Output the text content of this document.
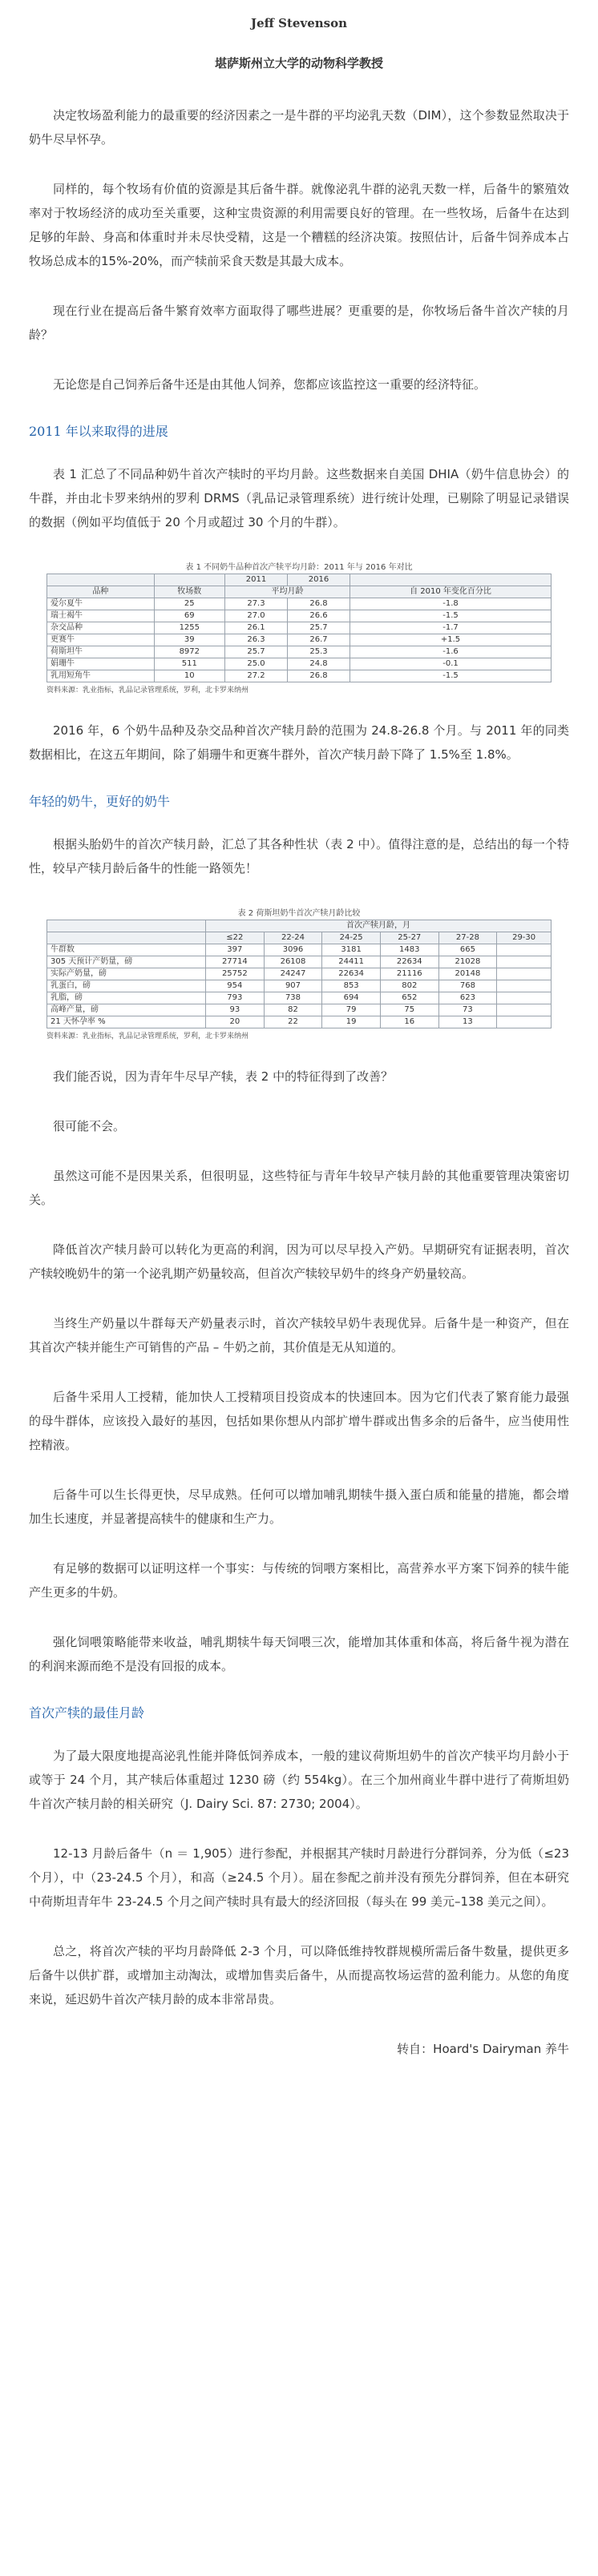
Jeff Stevenson
堪萨斯州立大学的动物科学教授

决定牧场盈利能力的最重要的经济因素之一是牛群的平均泌乳天数（DIM），这个参数显然取决于奶牛尽早怀孕。

同样的，每个牧场有价值的资源是其后备牛群。就像泌乳牛群的泌乳天数一样，后备牛的繁殖效率对于牧场经济的成功至关重要，这种宝贵资源的利用需要良好的管理。在一些牧场，后备牛在达到足够的年龄、身高和体重时并未尽快受精，这是一个糟糕的经济决策。按照估计，后备牛饲养成本占牧场总成本的15%-20%，而产犊前采食天数是其最大成本。

现在行业在提高后备牛繁育效率方面取得了哪些进展？更重要的是，你牧场后备牛首次产犊的月龄？

无论您是自己饲养后备牛还是由其他人饲养，您都应该监控这一重要的经济特征。

2011 年以来取得的进展

表 1 汇总了不同品种奶牛首次产犊时的平均月龄。这些数据来自美国 DHIA（奶牛信息协会）的牛群，并由北卡罗来纳州的罗利 DRMS（乳品记录管理系统）进行统计处理，已剔除了明显记录错误的数据（例如平均值低于 20 个月或超过 30 个月的牛群）。

表 1 不同奶牛品种首次产犊平均月龄：2011 年与 2016 年对比
		2011	2016	
品种	牧场数	平均月龄		自 2010 年变化百分比
爱尔夏牛	25	27.3	26.8	-1.8
瑞士褐牛	69	27.0	26.6	-1.5
杂交品种	1255	26.1	25.7	-1.7
更赛牛	39	26.3	26.7	+1.5
荷斯坦牛	8972	25.7	25.3	-1.6
娟珊牛	511	25.0	24.8	-0.1
乳用短角牛	10	27.2	26.8	-1.5
资料来源：乳业指标，乳品记录管理系统，罗利，北卡罗来纳州

2016 年，6 个奶牛品种及杂交品种首次产犊月龄的范围为 24.8-26.8 个月。与 2011 年的同类数据相比，在这五年期间，除了娟珊牛和更赛牛群外，首次产犊月龄下降了 1.5%至 1.8%。

年轻的奶牛，更好的奶牛

根据头胎奶牛的首次产犊月龄，汇总了其各种性状（表 2 中）。值得注意的是，总结出的每一个特性，较早产犊月龄后备牛的性能一路领先！

表 2 荷斯坦奶牛首次产犊月龄比较
	首次产犊月龄，月					
	≤22	22-24	24-25	25-27	27-28	29-30
牛群数	397	3096	3181	1483	665	
305 天预计产奶量，磅	27714	26108	24411	22634	21028	
实际产奶量，磅	25752	24247	22634	21116	20148	
乳蛋白，磅	954	907	853	802	768	
乳脂，磅	793	738	694	652	623	
高峰产量，磅	93	82	79	75	73	
21 天怀孕率 %	20	22	19	16	13	
资料来源：乳业指标，乳品记录管理系统，罗利，北卡罗来纳州

我们能否说，因为青年牛尽早产犊，表 2 中的特征得到了改善？

很可能不会。

虽然这可能不是因果关系，但很明显，这些特征与青年牛较早产犊月龄的其他重要管理决策密切关。

降低首次产犊月龄可以转化为更高的利润，因为可以尽早投入产奶。早期研究有证据表明，首次产犊较晚奶牛的第一个泌乳期产奶量较高，但首次产犊较早奶牛的终身产奶量较高。

当终生产奶量以牛群每天产奶量表示时，首次产犊较早奶牛表现优异。后备牛是一种资产，但在其首次产犊并能生产可销售的产品 – 牛奶之前，其价值是无从知道的。

后备牛采用人工授精，能加快人工授精项目投资成本的快速回本。因为它们代表了繁育能力最强的母牛群体，应该投入最好的基因，包括如果你想从内部扩增牛群或出售多余的后备牛，应当使用性控精液。

后备牛可以生长得更快，尽早成熟。任何可以增加哺乳期犊牛摄入蛋白质和能量的措施，都会增加生长速度，并显著提高犊牛的健康和生产力。

有足够的数据可以证明这样一个事实：与传统的饲喂方案相比，高营养水平方案下饲养的犊牛能产生更多的牛奶。

强化饲喂策略能带来收益，哺乳期犊牛每天饲喂三次，能增加其体重和体高，将后备牛视为潜在的利润来源而绝不是没有回报的成本。

首次产犊的最佳月龄

为了最大限度地提高泌乳性能并降低饲养成本，一般的建议荷斯坦奶牛的首次产犊平均月龄小于或等于 24 个月，其产犊后体重超过 1230 磅（约 554kg）。在三个加州商业牛群中进行了荷斯坦奶牛首次产犊月龄的相关研究（J. Dairy Sci. 87: 2730; 2004）。

12-13 月龄后备牛（n ＝ 1,905）进行参配，并根据其产犊时月龄进行分群饲养，分为低（≤23 个月），中（23-24.5 个月），和高（≥24.5 个月）。届在参配之前并没有预先分群饲养，但在本研究中荷斯坦青年牛 23-24.5 个月之间产犊时具有最大的经济回报（每头在 99 美元–138 美元之间）。

总之，将首次产犊的平均月龄降低 2-3 个月，可以降低维持牧群规模所需后备牛数量，提供更多后备牛以供扩群，或增加主动淘汰，或增加售卖后备牛，从而提高牧场运营的盈利能力。从您的角度来说，延迟奶牛首次产犊月龄的成本非常昂贵。

转自：Hoard's Dairyman 养牛
